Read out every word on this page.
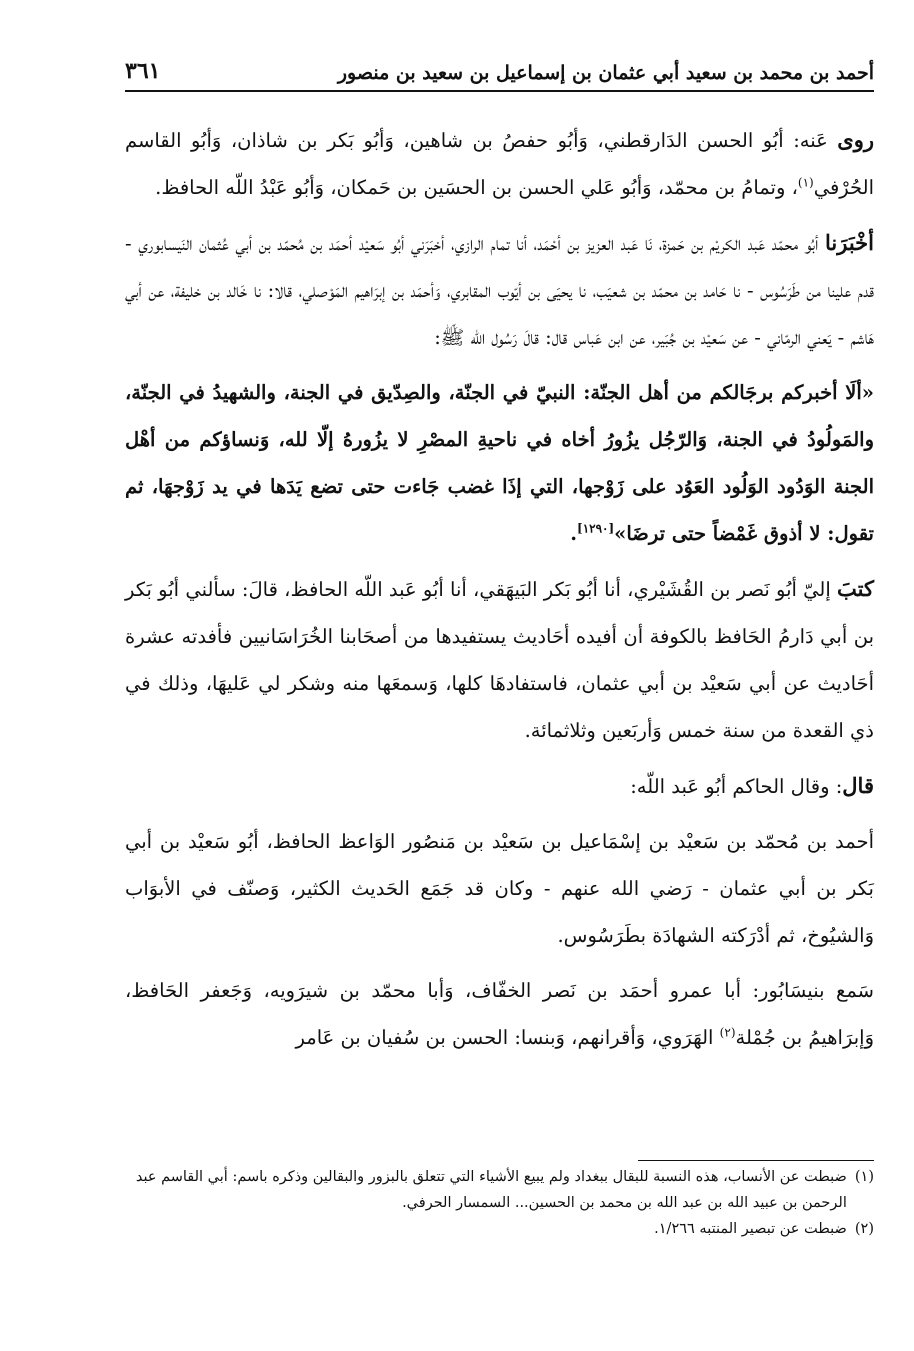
أحمد بن محمد بن سعيد أبي عثمان بن إسماعيل بن سعيد بن منصور
٣٦١

روى عَنه: أبُو الحسن الدَارقطني، وَأبُو حفصُ بن شاهين، وَأبُو بَكر بن شاذان، وَأبُو القاسم الحُرْفي$^{(١)}$، وتمامُ بن محمّد، وَأبُو عَلي الحسن بن الحسَين بن حَمكان، وَأبُو عَبْدُ اللّه الحافظ.

أخْبَرَنا أبُو محمّد عَبد الكريْم بن حَمزة، نَا عَبد العزيز بن أحْمَد، أنا تمام الرازي، أخبَرَني أبُو سَعيْد أحمَد بن مُحمّد بن أبي عُثمان النَيسابوري - قدم علينا من طَرَسُوس - نا حَامد بن محمّد بن شعيَب، نا يحيَى بن أيّوب المقابري، وَأحمَد بن إبرَاهيم المَوْصلي، قالا: نا خَالد بن خليفة، عن أبي هَاشم - يَعني الرمّاني - عن سَعيْد بن جُبَير، عن ابن عَباس قال: قالَ رَسُول الله ﷺ:

«ألَا أخبركم برجَالكم من أهل الجنّة: النبيّ في الجنّة، والصِدّيق في الجنة، والشهيدُ في الجنّة، والمَولُودُ في الجنة، وَالرّجُل يزُورُ أخاه في ناحيةِ المصْرِ لا يزُورهُ إلّا لله، وَنساؤكم من أهْل الجنة الوَدُود الوَلُود العَوُد على زَوْجها، التي إذَا غضب جَاءت حتى تضع يَدَها في يد زَوْجهَا، ثم تقول: لا أذوق غَمْضاً حتى ترضَا»[١٢٩٠].

كتبَ إليّ أبُو نَصر بن القُشَيْري، أنا أبُو بَكر البَيهَقي، أنا أبُو عَبد اللّه الحافظ، قالَ: سألني أبُو بَكر بن أبي دَارمُ الحَافظ بالكوفة أن أفيده أحَاديث يستفيدها من أصحَابنا الخُرَاسَانيين فأفدته عشرة أحَاديث عن أبي سَعيْد بن أبي عثمان، فاستفادهَا كلها، وَسمعَها منه وشكر لي عَليهَا، وذلك في ذي القعدة من سنة خمس وَأربَعين وثلاثمائة.

قال: وقال الحاكم أبُو عَبد اللّه:

أحمد بن مُحمّد بن سَعيْد بن إسْمَاعيل بن سَعيْد بن مَنصُور الوَاعظ الحافظ، أبُو سَعيْد بن أبي بَكر بن أبي عثمان - رَضي الله عنهم - وكان قد جَمَع الحَديث الكثير، وَصنّف في الأبوَاب وَالشيُوخ، ثم أدْرَكته الشهادَة بطَرَسُوس.

سَمع بنيسَابُور: أبا عمرو أحمَد بن نَصر الخفّاف، وَأبا محمّد بن شيرَويه، وَجَعفر الحَافظ، وَإبرَاهيمُ بن جُمْلة$^{(٢)}$ الهَرَوي، وَأقرانهم، وَبنسا: الحسن بن سُفيان بن عَامر

(١)
ضبطت عن الأنساب، هذه النسبة للبقال ببغداد ولم يبيع الأشياء التي تتعلق بالبزور والبقالين وذكره باسم: أبي القاسم عبد الرحمن بن عبيد الله بن عبد الله بن محمد بن الحسين... السمسار الحرفي.

(٢)
ضبطت عن تبصير المنتبه ١/٢٦٦.
